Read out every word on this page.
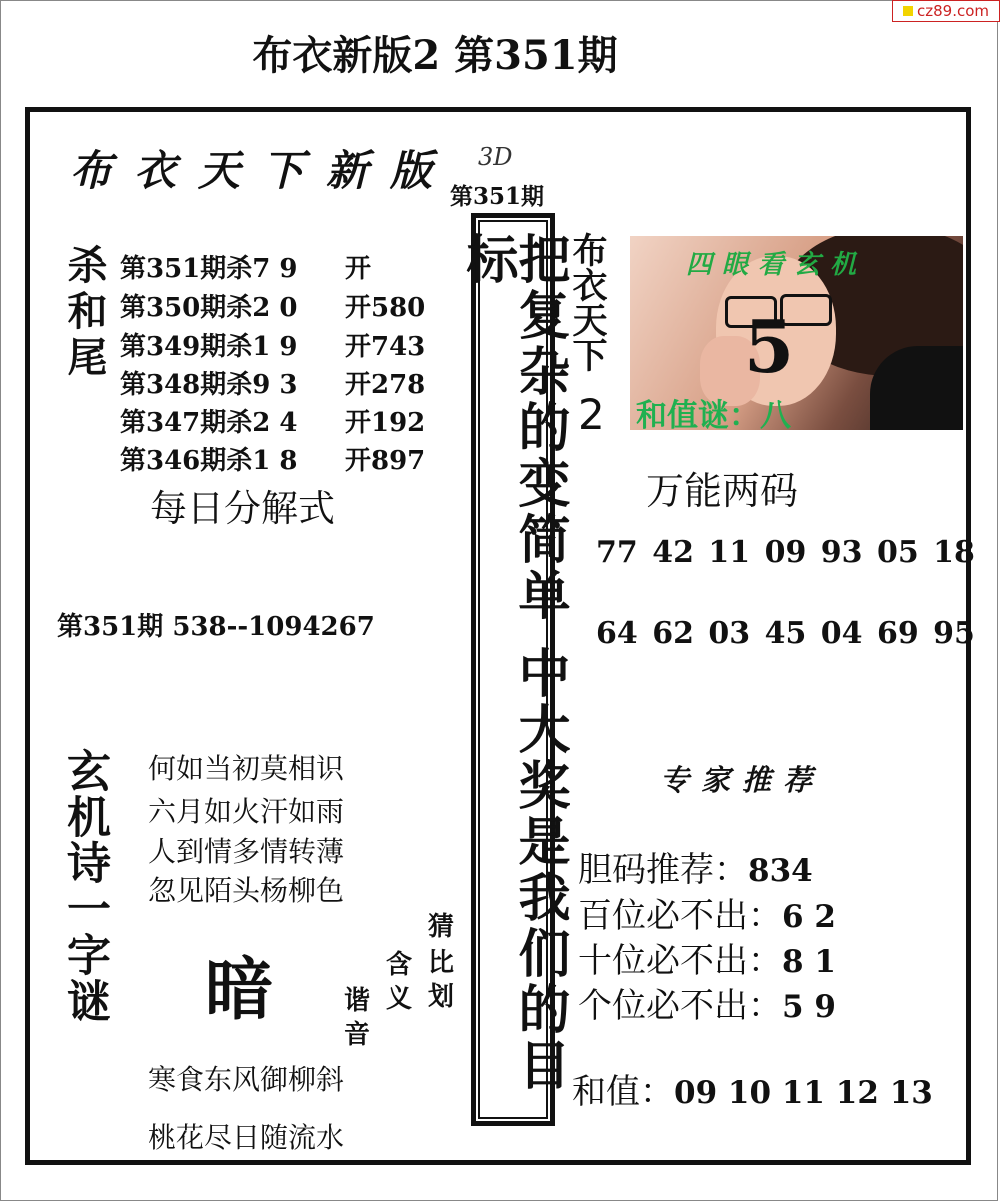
cz89.com
布衣新版2 第351期
布衣天下新版 3D
第351期
杀和尾 第351期杀7 9 开
第350期杀2 0 开580
第349期杀1 9 开743
第348期杀9 3 开278
第347期杀2 4 开192
第346期杀1 8 开897
每日分解式
第351期 538--1094267
玄机诗一字谜 何如当初莫相识
六月如火汗如雨
人到情多情转薄
忽见陌头杨柳色
暗
猜
比
划
含
义
谐
音
寒食东风御柳斜
桃花尽日随流水
把复杂的变简单 中大奖是我们的目标	布衣天下
2
四眼看玄机
5
和值谜：八
万能两码
77 42 11 09 93 05 18
64 62 03 45 04 69 95
专家推荐
胆码推荐：834
百位必不出：6 2
十位必不出：8 1
个位必不出：5 9
和值：09 10 11 12 13
